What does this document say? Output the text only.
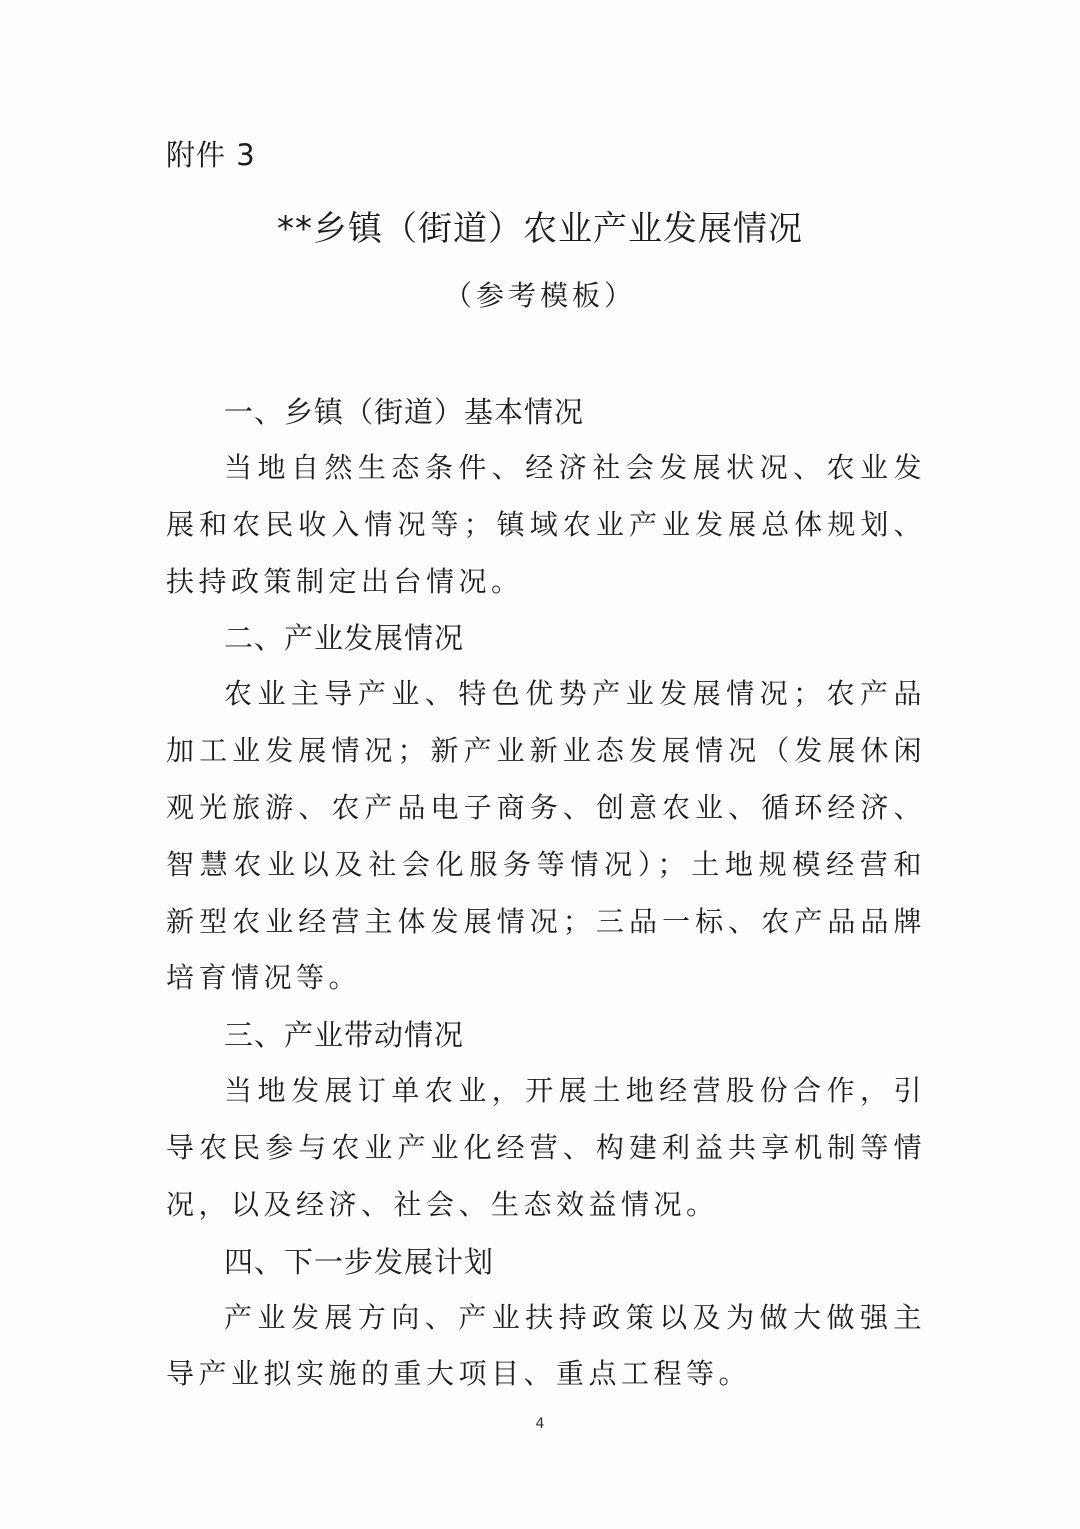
附件 3
**乡镇（街道）农业产业发展情况
（参考模板）

一、乡镇（街道）基本情况

当地自然生态条件、经济社会发展状况、农业发展和农民收入情况等；镇域农业产业发展总体规划、扶持政策制定出台情况。

二、产业发展情况

农业主导产业、特色优势产业发展情况；农产品加工业发展情况；新产业新业态发展情况（发展休闲观光旅游、农产品电子商务、创意农业、循环经济、智慧农业以及社会化服务等情况）；土地规模经营和新型农业经营主体发展情况；三品一标、农产品品牌培育情况等。

三、产业带动情况

当地发展订单农业，开展土地经营股份合作，引导农民参与农业产业化经营、构建利益共享机制等情况，以及经济、社会、生态效益情况。

四、下一步发展计划

产业发展方向、产业扶持政策以及为做大做强主导产业拟实施的重大项目、重点工程等。

4
